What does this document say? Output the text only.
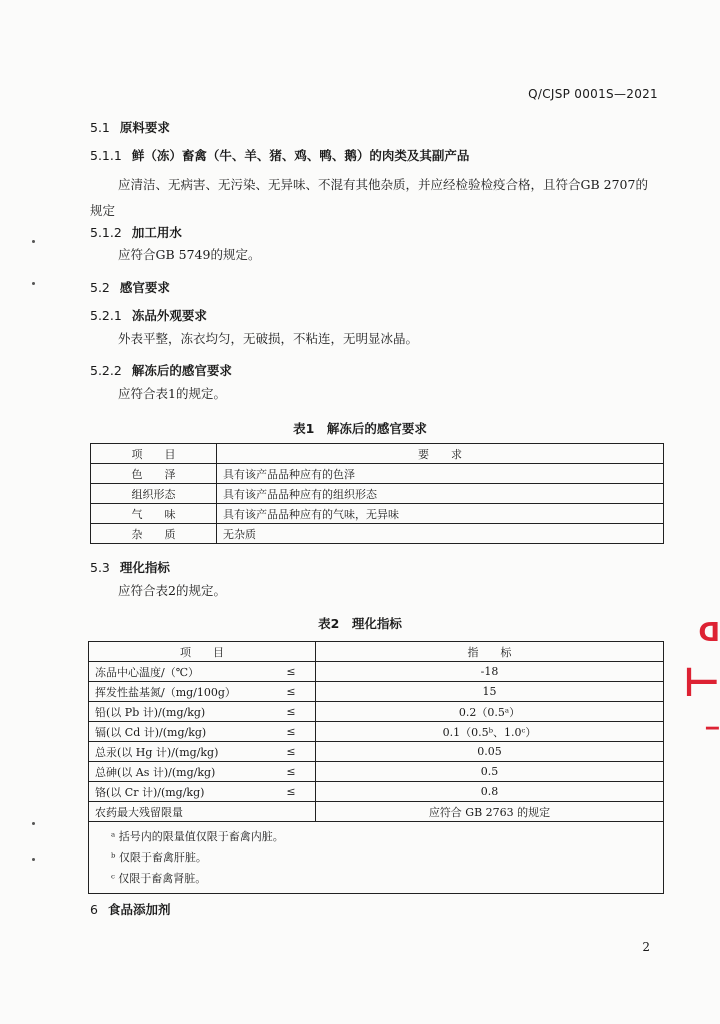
Q/CJSP 0001S—2021
5.1 原料要求
5.1.1 鲜（冻）畜禽（牛、羊、猪、鸡、鸭、鹅）的肉类及其副产品
应清洁、无病害、无污染、无异味、不混有其他杂质，并应经检验检疫合格，且符合GB 2707的规定
5.1.2 加工用水
应符合GB 5749的规定。
5.2 感官要求
5.2.1 冻品外观要求
外表平整，冻衣均匀，无破损，不粘连，无明显冰晶。
5.2.2 解冻后的感官要求
应符合表1的规定。
表1　解冻后的感官要求
项　　目	要　　求
色　　泽	具有该产品品种应有的色泽
组织形态	具有该产品品种应有的组织形态
气　　味	具有该产品品种应有的气味，无异味
杂　　质	无杂质
5.3 理化指标
应符合表2的规定。
表2　理化指标
项　　目		指　　标
冻品中心温度/（℃）	≤	-18
挥发性盐基氮/（mg/100g）	≤	15
铅(以 Pb 计)/(mg/kg)	≤	0.2（0.5ᵃ）
镉(以 Cd 计)/(mg/kg)	≤	0.1（0.5ᵇ、1.0ᶜ）
总汞(以 Hg 计)/(mg/kg)	≤	0.05
总砷(以 As 计)/(mg/kg)	≤	0.5
铬(以 Cr 计)/(mg/kg)	≤	0.8
农药最大残留限量		应符合 GB 2763 的规定

ᵃ 括号内的限量值仅限于畜禽内脏。
ᵇ 仅限于畜禽肝脏。
ᶜ 仅限于畜禽肾脏。		
6 食品添加剂
2
ᗡ
⊢
‒
